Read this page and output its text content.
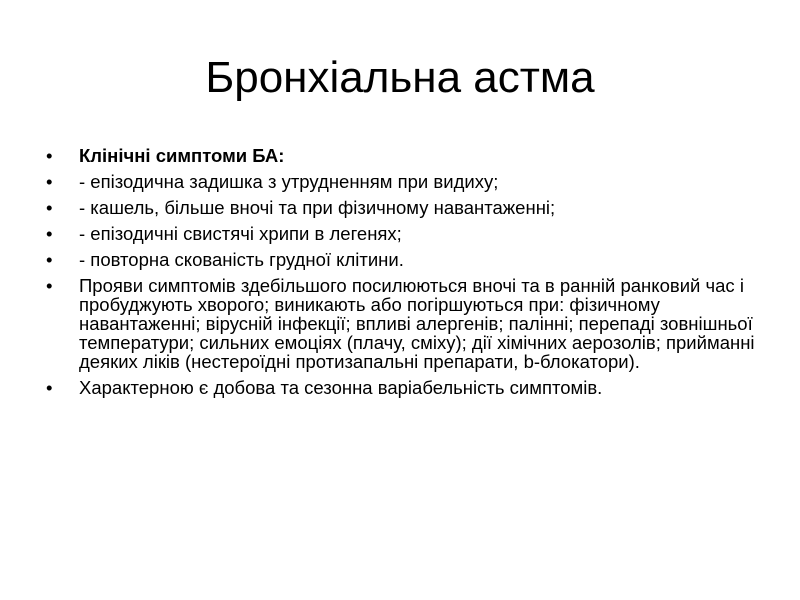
Бронхіальна астма
•	Клінічні симптоми БА:
•	- епізодична задишка з утрудненням при видиху;
•	- кашель, більше вночі та при фізичному навантаженні;
•	- епізодичні свистячі хрипи в легенях;
•	- повторна скованість грудної клітини.
•	Прояви симптомів здебільшого посилюються вночі та в ранній ранковий час і пробуджують хворого; виникають або погіршуються при: фізичному навантаженні; вірусній інфекції; впливі алергенів; палінні; перепаді зовнішньої температури; сильних емоціях (плачу, сміху); дії хімічних аерозолів; прийманні деяких ліків (нестероїдні протизапальні препарати, b-блокатори).
•	Характерною є добова та сезонна варіабельність симптомів.
